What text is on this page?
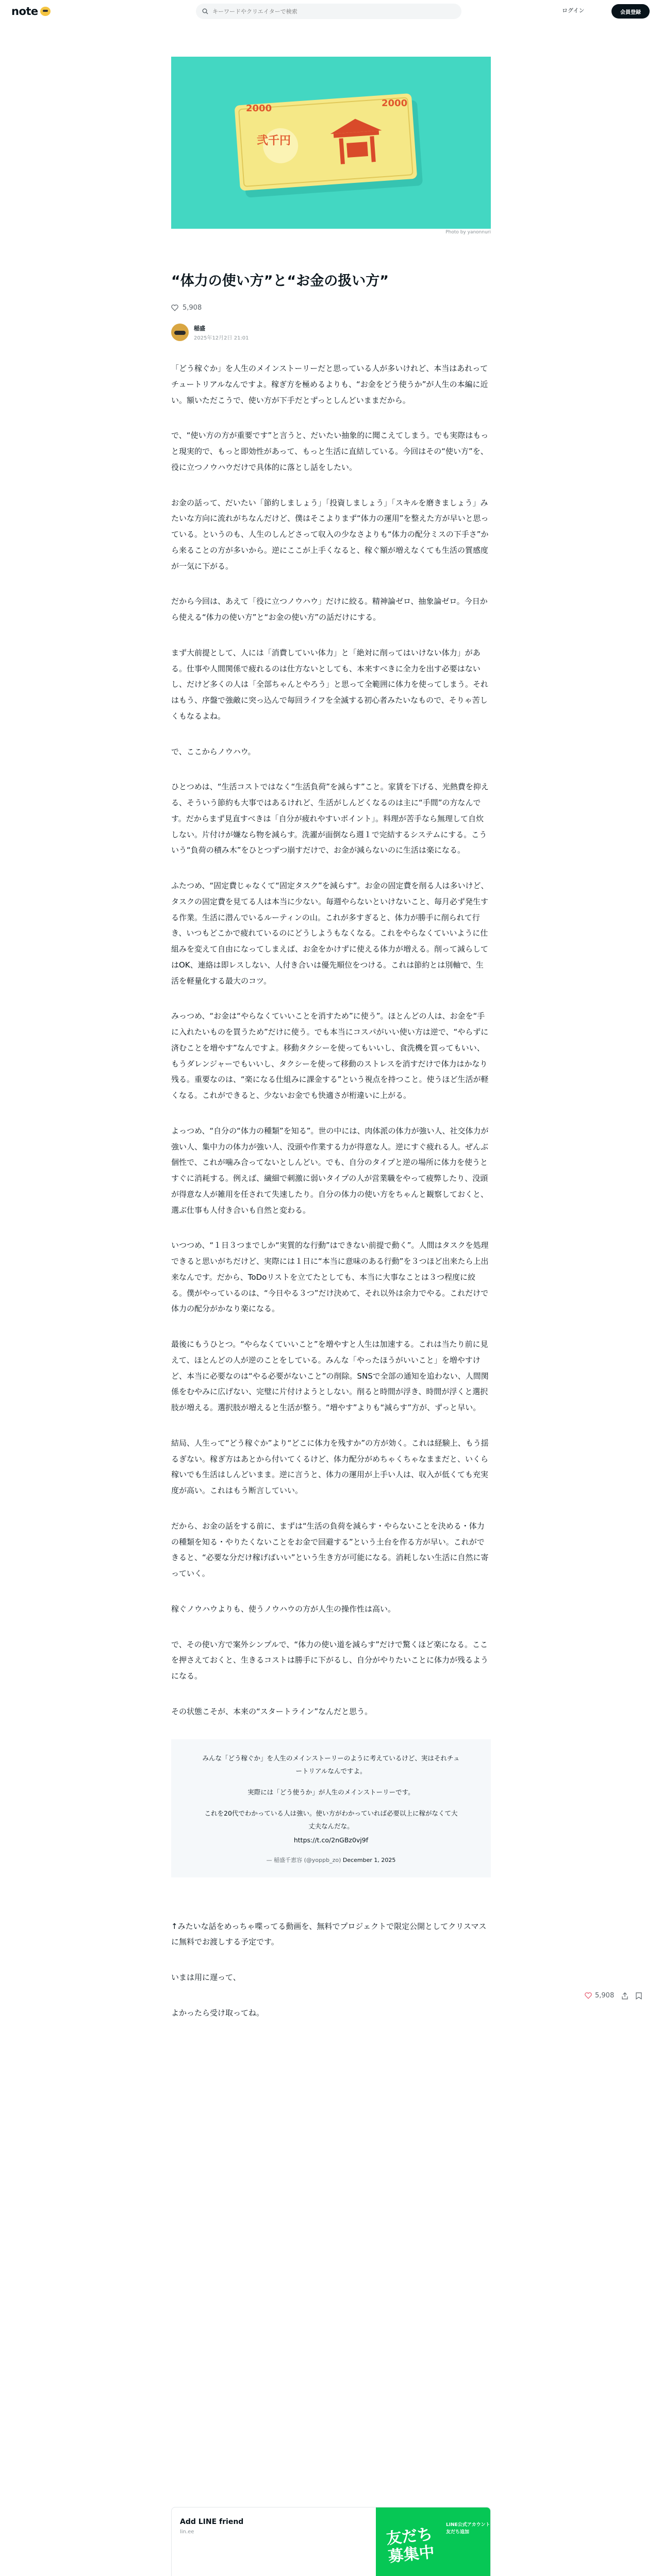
note
キーワードやクリエイターで検索	ログイン	会員登録
2000	2000
弐千円
Photo by yanonnuri
“体力の使い方”と“お金の扱い方”
5,908
稲盛
2025年12月2日 21:01

「どう稼ぐか」を人生のメインストーリーだと思っている人が多いけれど、本当はあれってチュートリアルなんですよ。稼ぎ方を極めるよりも、“お金をどう使うか”が人生の本編に近い。額いただこうで、使い方が下手だとずっとしんどいままだから。

で、“使い方の方が重要です”と言うと、だいたい抽象的に聞こえてしまう。でも実際はもっと現実的で、もっと即効性があって、もっと生活に直結している。今回はその“使い方”を、役に立つノウハウだけで具体的に落とし話をしたい。

お金の話って、だいたい「節約しましょう」「投資しましょう」「スキルを磨きましょう」みたいな方向に流れがちなんだけど、僕はそこよりまず“体力の運用”を整えた方が早いと思っている。というのも、人生のしんどさって収入の少なさよりも“体力の配分ミスの下手さ”から来ることの方が多いから。逆にここが上手くなると、稼ぐ額が増えなくても生活の質感度が一気に下がる。

だから今回は、あえて「役に立つノウハウ」だけに絞る。精神論ゼロ、抽象論ゼロ。今日から使える“体力の使い方”と“お金の使い方”の話だけにする。

まず大前提として、人には「消費していい体力」と「絶対に削ってはいけない体力」がある。仕事や人間関係で疲れるのは仕方ないとしても、本来すべきに全力を出す必要はないし、だけど多くの人は「全部ちゃんとやろう」と思って全範囲に体力を使ってしまう。それはもう、序盤で強敵に突っ込んで毎回ライフを全滅する初心者みたいなもので、そりゃ苦しくもなるよね。

で、ここからノウハウ。

ひとつめは、“生活コストではなく“生活負荷”を減らす”こと。家賃を下げる、光熱費を抑える、そういう節約も大事ではあるけれど、生活がしんどくなるのは主に“手間”の方なんです。だからまず見直すべきは「自分が疲れやすいポイント」。料理が苦手なら無理して自炊しない。片付けが嫌なら物を減らす。洗濯が面倒なら週１で完結するシステムにする。こういう“負荷の積み木”をひとつずつ崩すだけで、お金が減らないのに生活は楽になる。

ふたつめ、“固定費じゃなくて“固定タスク”を減らす”。お金の固定費を削る人は多いけど、タスクの固定費を見てる人は本当に少ない。毎週やらないといけないこと、毎月必ず発生する作業。生活に潜んでいるルーティンの山。これが多すぎると、体力が勝手に削られて行き、いつもどこかで疲れているのにどうしようもなくなる。これをやらなくていいように仕組みを変えて自由になってしまえば、お金をかけずに使える体力が増える。削って減らしてはOK、連絡は即レスしない、人付き合いは優先順位をつける。これは節約とは別軸で、生活を軽量化する最大のコツ。

みっつめ、“お金は“やらなくていいことを消すため”に使う”。ほとんどの人は、お金を“手に入れたいものを買うため”だけに使う。でも本当にコスパがいい使い方は逆で、“やらずに済むことを増やす”なんですよ。移動タクシーを使ってもいいし、食洗機を買ってもいい、もうダレンジャーでもいいし、タクシーを使って移動のストレスを消すだけで体力はかなり残る。重要なのは、“楽になる仕組みに課金する”という視点を持つこと。使うほど生活が軽くなる。これができると、少ないお金でも快適さが桁違いに上がる。

よっつめ、“自分の“体力の種類”を知る”。世の中には、肉体派の体力が強い人、社交体力が強い人、集中力の体力が強い人、没頭や作業する力が得意な人。逆にすぐ疲れる人。ぜんぶ個性で、これが噛み合ってないとしんどい。でも、自分のタイプと逆の場所に体力を使うとすぐに消耗する。例えば、繊細で刺激に弱いタイプの人が営業職をやって疲弊したり、没頭が得意な人が雑用を任されて失速したり。自分の体力の使い方をちゃんと観察しておくと、選ぶ仕事も人付き合いも自然と変わる。

いつつめ、“１日３つまでしか“実質的な行動”はできない前提で動く”。人間はタスクを処理できると思いがちだけど、実際には１日に“本当に意味のある行動”を３つほど出来たら上出来なんです。だから、ToDoリストを立てたとしても、本当に大事なことは３つ程度に絞る。僕がやっているのは、“今日やる３つ”だけ決めて、それ以外は余力でやる。これだけで体力の配分がかなり楽になる。

最後にもうひとつ。“やらなくていいこと”を増やすと人生は加速する。これは当たり前に見えて、ほとんどの人が逆のことをしている。みんな「やったほうがいいこと」を増やすけど、本当に必要なのは“やる必要がないこと”の削除。SNSで全部の通知を追わない、人間関係をむやみに広げない、完璧に片付けようとしない。削ると時間が浮き、時間が浮くと選択肢が増える。選択肢が増えると生活が整う。“増やす”よりも“減らす”方が、ずっと早い。

結局、人生って“どう稼ぐか”より“どこに体力を残すか”の方が効く。これは経験上、もう揺るぎない。稼ぎ方はあとから付いてくるけど、体力配分がめちゃくちゃなままだと、いくら稼いでも生活はしんどいまま。逆に言うと、体力の運用が上手い人は、収入が低くても充実度が高い。これはもう断言していい。

だから、お金の話をする前に、まずは“生活の負荷を減らす・やらないことを決める・体力の種類を知る・やりたくないことをお金で回避する”という土台を作る方が早い。これができると、“必要な分だけ稼げばいい”という生き方が可能になる。消耗しない生活に自然に寄っていく。

稼ぐノウハウよりも、使うノウハウの方が人生の操作性は高い。

で、その使い方で案外シンプルで、“体力の使い道を減らす”だけで驚くほど楽になる。ここを押さえておくと、生きるコストは勝手に下がるし、自分がやりたいことに体力が残るようになる。

その状態こそが、本来の“スタートライン”なんだと思う。

みんな「どう稼ぐか」を人生のメインストーリーのように考えているけど、実はそれチュートリアルなんですよ。

実際には「どう使うか」が人生のメインストーリーです。

これを20代でわかっている人は強い。使い方がわかっていれば必要以上に稼がなくて大丈夫なんだな。

https://t.co/2nGBz0vj9f

— 稲盛千恵容 (@yoppb_zo) December 1, 2025

↑みたいな話をめっちゃ喋ってる動画を、無料でプロジェクトで限定公開としてクリスマスに無料でお渡しする予定です。

いまは用に遅って、

よかったら受け取ってね。

5,908
Add LINE friend
lin.ee	友だち
募集中
LINE公式アカウント
友だち追加
